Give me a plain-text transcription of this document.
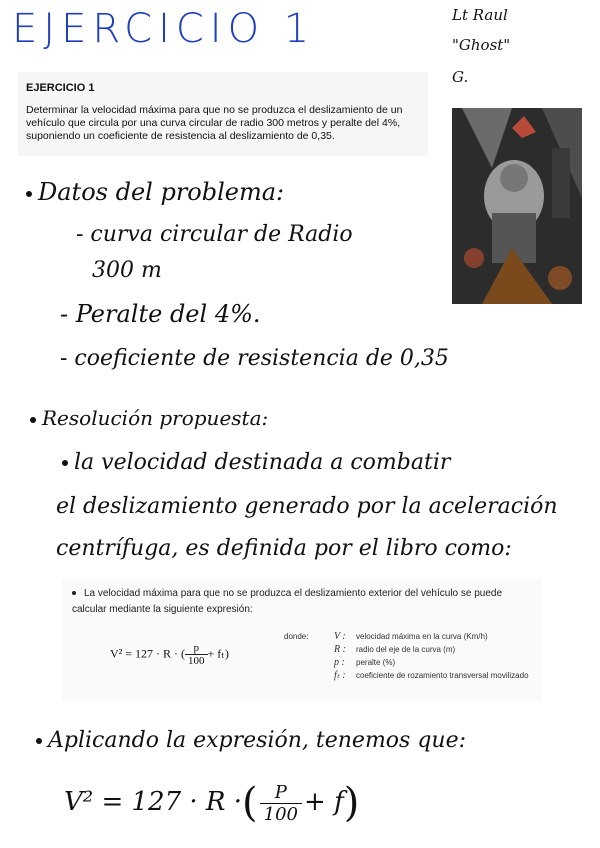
EJERCICIO 1	Lt Raul
"Ghost"
G.
EJERCICIO 1
Determinar la velocidad máxima para que no se produzca el deslizamiento de un vehículo que circula por una curva circular de radio 300 metros y peralte del 4%, suponiendo un coeficiente de resistencia al deslizamiento de 0,35.
Datos del problema:
- curva circular de Radio
300 m
- Peralte del 4%.
- coeficiente de resistencia de 0,35
Resolución propuesta:
la velocidad destinada a combatir
el deslizamiento generado por la aceleración
centrífuga, es definida por el libro como:
La velocidad máxima para que no se produzca el deslizamiento exterior del vehículo se puede calcular mediante la siguiente expresión:
V² = 127 · R · ( $\frac{p}{100} + f_t$)
donde:	V : velocidad máxima en la curva (Km/h)
R : radio del eje de la curva (m)
p : peralte (%)
fₜ : coeficiente de rozamiento transversal movilizado
Aplicando la expresión, tenemos que:
V² = 127 · R ·( $\frac{P}{100} + f$)
